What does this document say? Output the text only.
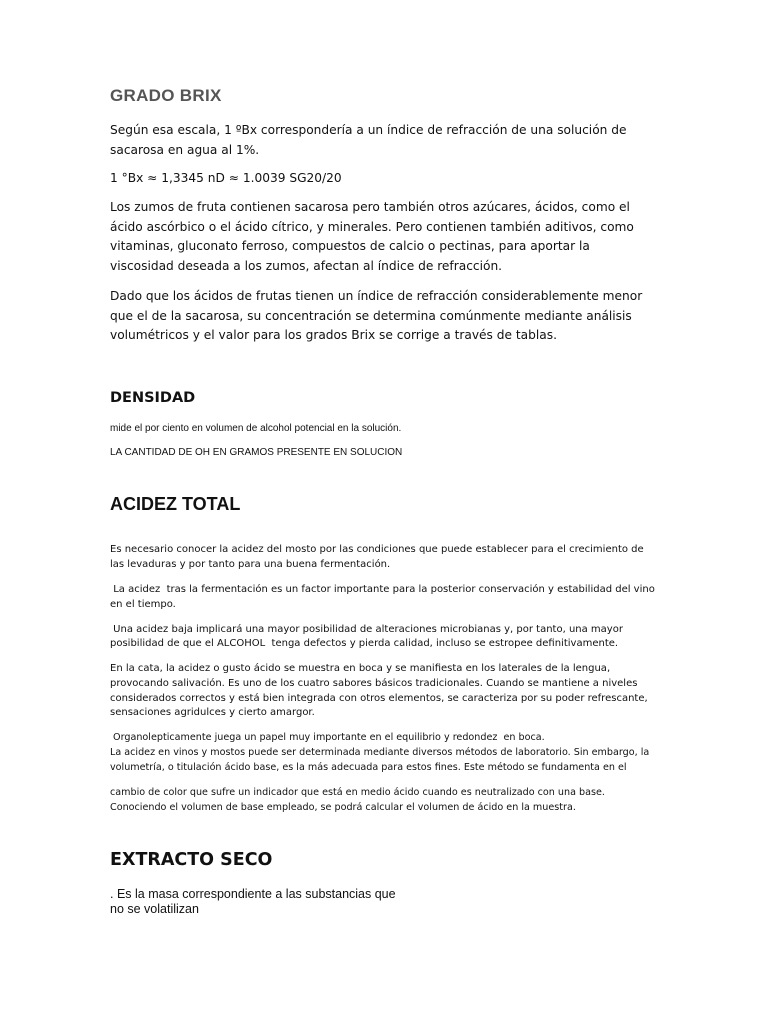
GRADO BRIX
Según esa escala, 1 ºBx correspondería a un índice de refracción de una solución de sacarosa en agua al 1%.
1 °Bx ≈ 1,3345 nD ≈ 1.0039 SG20/20
Los zumos de fruta contienen sacarosa pero también otros azúcares, ácidos, como el ácido ascórbico o el ácido cítrico, y minerales. Pero contienen también aditivos, como vitaminas, gluconato ferroso, compuestos de calcio o pectinas, para aportar la viscosidad deseada a los zumos, afectan al índice de refracción.
Dado que los ácidos de frutas tienen un índice de refracción considerablemente menor que el de la sacarosa, su concentración se determina comúnmente mediante análisis volumétricos y el valor para los grados Brix se corrige a través de tablas.
DENSIDAD
mide el por ciento en volumen de alcohol potencial en la solución.
LA CANTIDAD DE OH EN GRAMOS PRESENTE EN SOLUCION
ACIDEZ TOTAL
Es necesario conocer la acidez del mosto por las condiciones que puede establecer para el crecimiento de las levaduras y por tanto para una buena fermentación.
La acidez  tras la fermentación es un factor importante para la posterior conservación y estabilidad del vino en el tiempo.
Una acidez baja implicará una mayor posibilidad de alteraciones microbianas y, por tanto, una mayor
posibilidad de que el ALCOHOL  tenga defectos y pierda calidad, incluso se estropee definitivamente.
En la cata, la acidez o gusto ácido se muestra en boca y se manifiesta en los laterales de la lengua, provocando salivación. Es uno de los cuatro sabores básicos tradicionales. Cuando se mantiene a niveles considerados correctos y está bien integrada con otros elementos, se caracteriza por su poder refrescante, sensaciones agridulces y cierto amargor.
Organolepticamente juega un papel muy importante en el equilibrio y redondez  en boca.
La acidez en vinos y mostos puede ser determinada mediante diversos métodos de laboratorio. Sin embargo, la
volumetría, o titulación ácido base, es la más adecuada para estos fines. Este método se fundamenta en el
cambio de color que sufre un indicador que está en medio ácido cuando es neutralizado con una base.
Conociendo el volumen de base empleado, se podrá calcular el volumen de ácido en la muestra.
EXTRACTO SECO
. Es la masa correspondiente a las substancias que
no se volatilizan
